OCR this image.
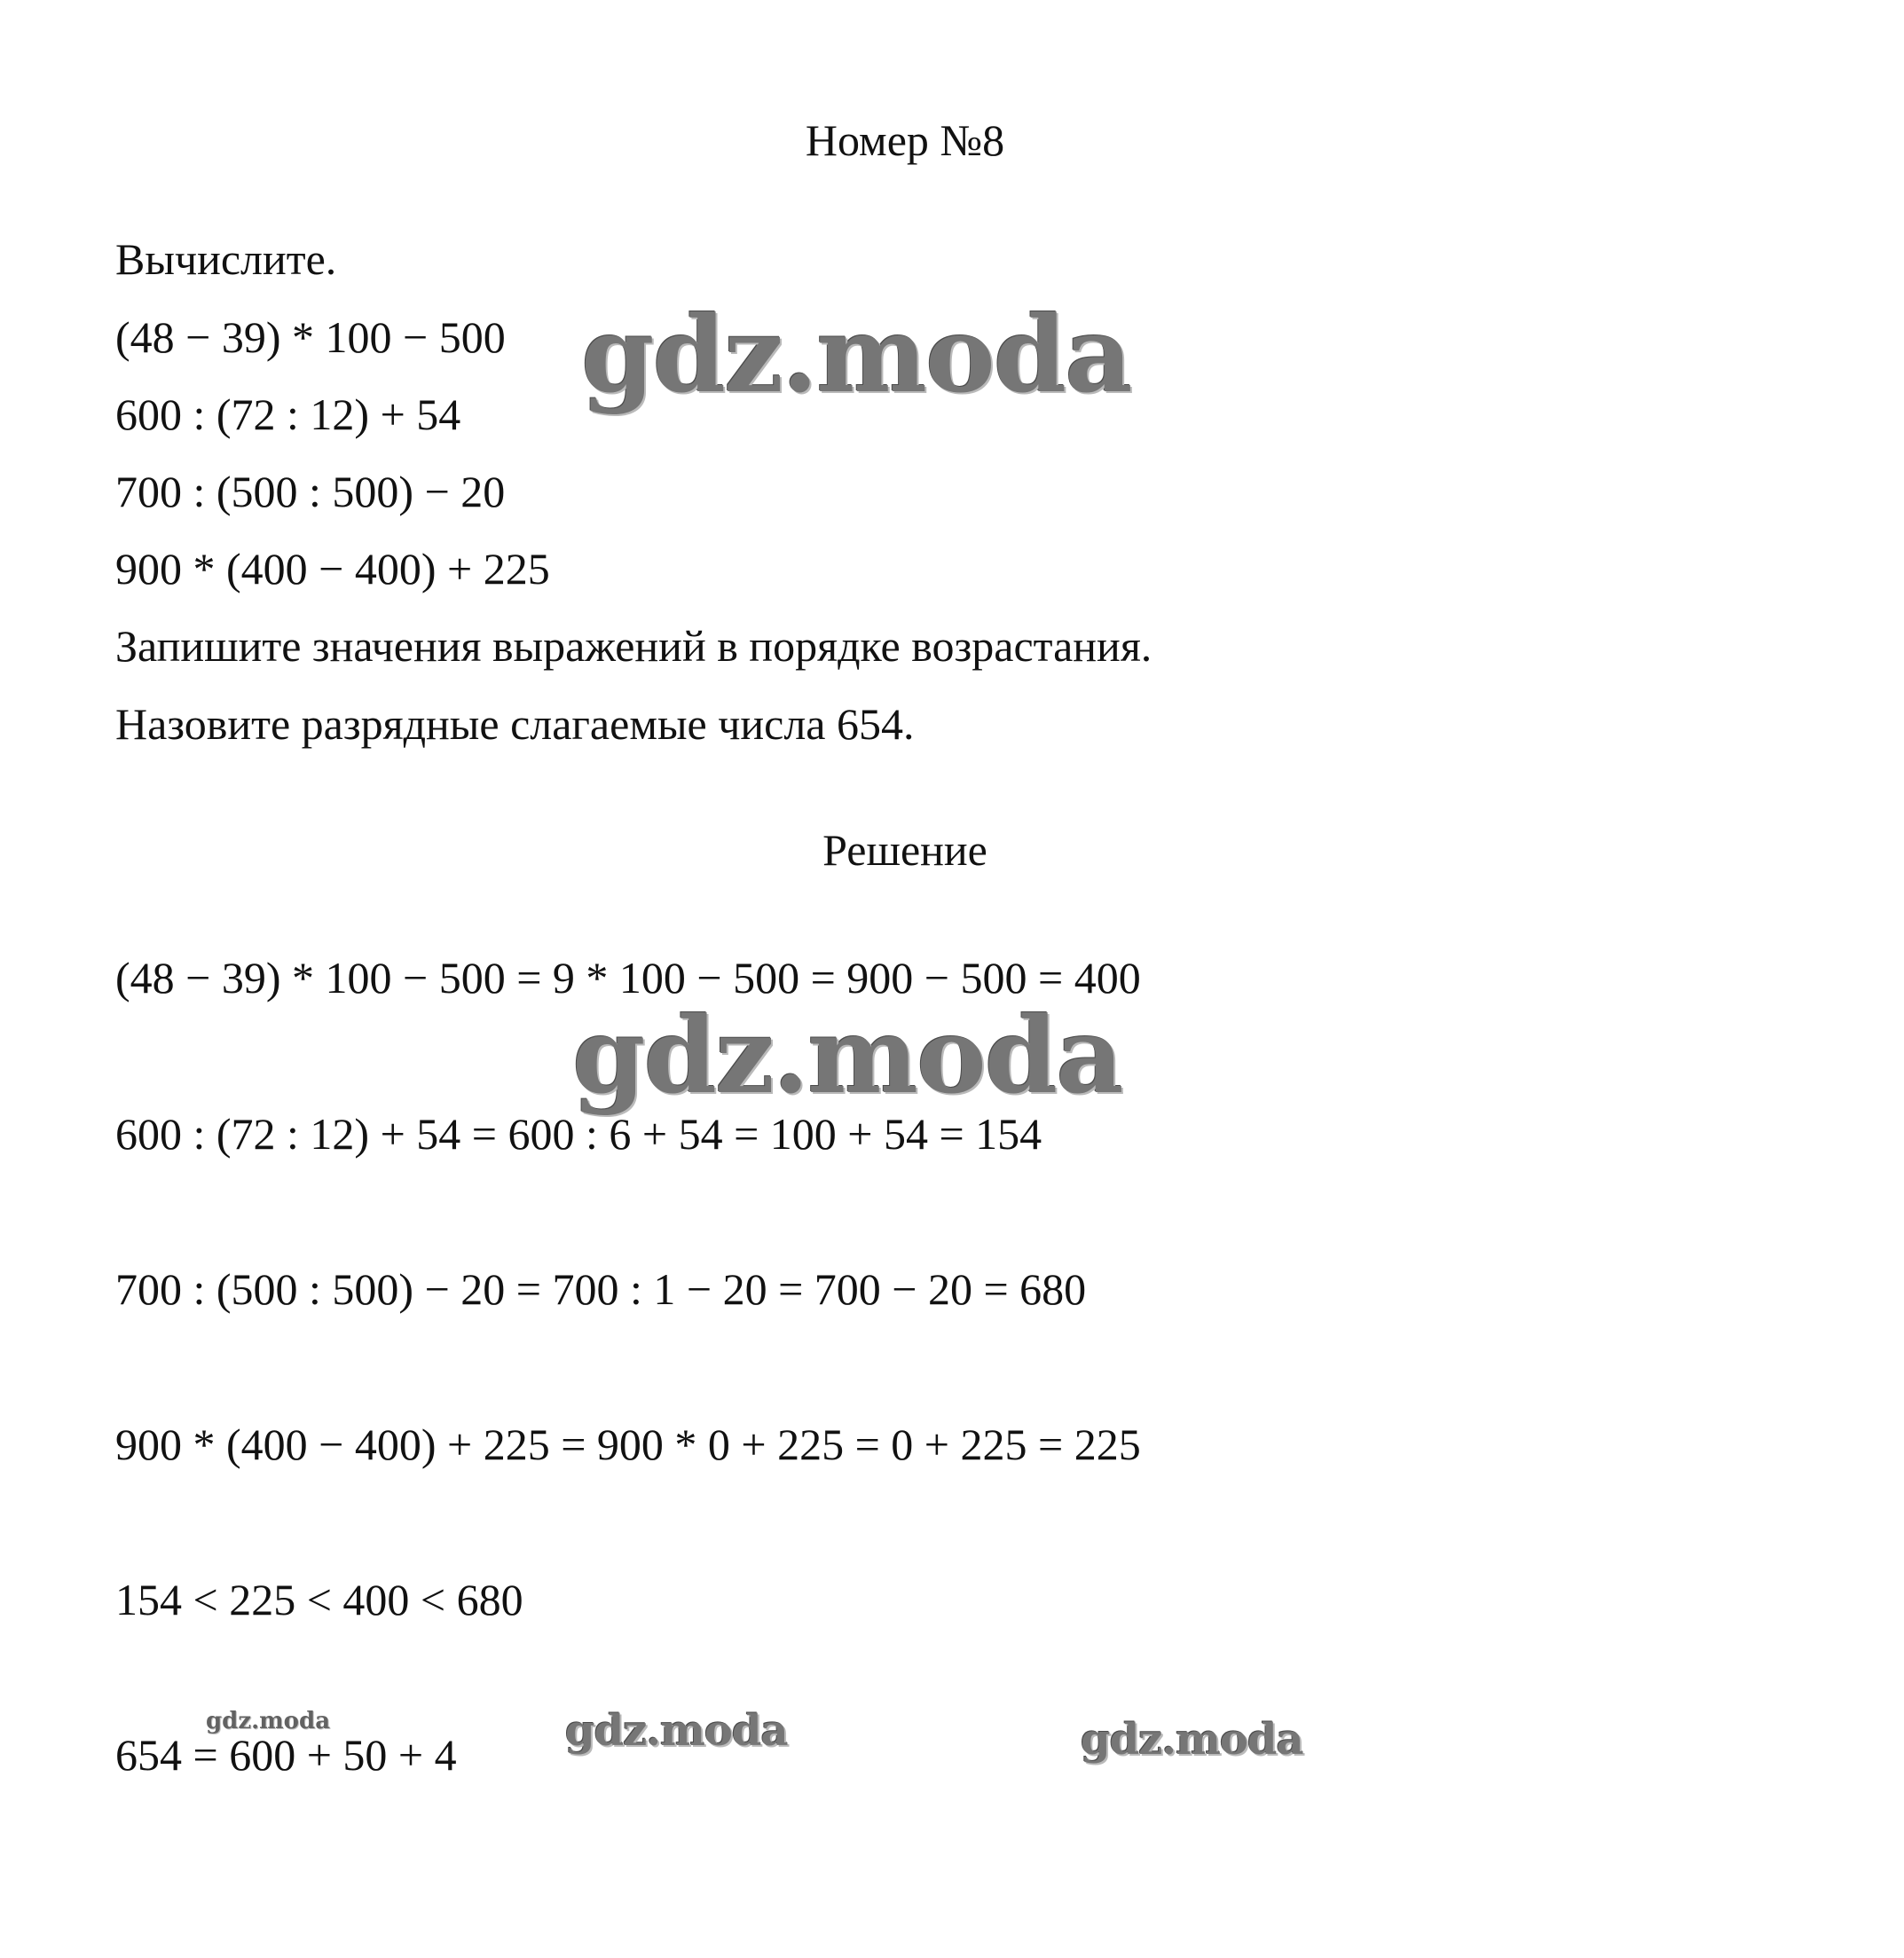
Номер №8

Вычислите.

(48 − 39) * 100 − 500

600 : (72 : 12) + 54

700 : (500 : 500) − 20

900 * (400 − 400) + 225

Запишите значения выражений в порядке возрастания.

Назовите разрядные слагаемые числа 654.

Решение

(48 − 39) * 100 − 500 = 9 * 100 − 500 = 900 − 500 = 400

600 : (72 : 12) + 54 = 600 : 6 + 54 = 100 + 54 = 154

700 : (500 : 500) − 20 = 700 : 1 − 20 = 700 − 20 = 680

900 * (400 − 400) + 225 = 900 * 0 + 225 = 0 + 225 = 225

154 < 225 < 400 < 680

654 = 600 + 50 + 4

gdz.moda
gdz.moda
gdz.moda	gdz.moda	gdz.moda
